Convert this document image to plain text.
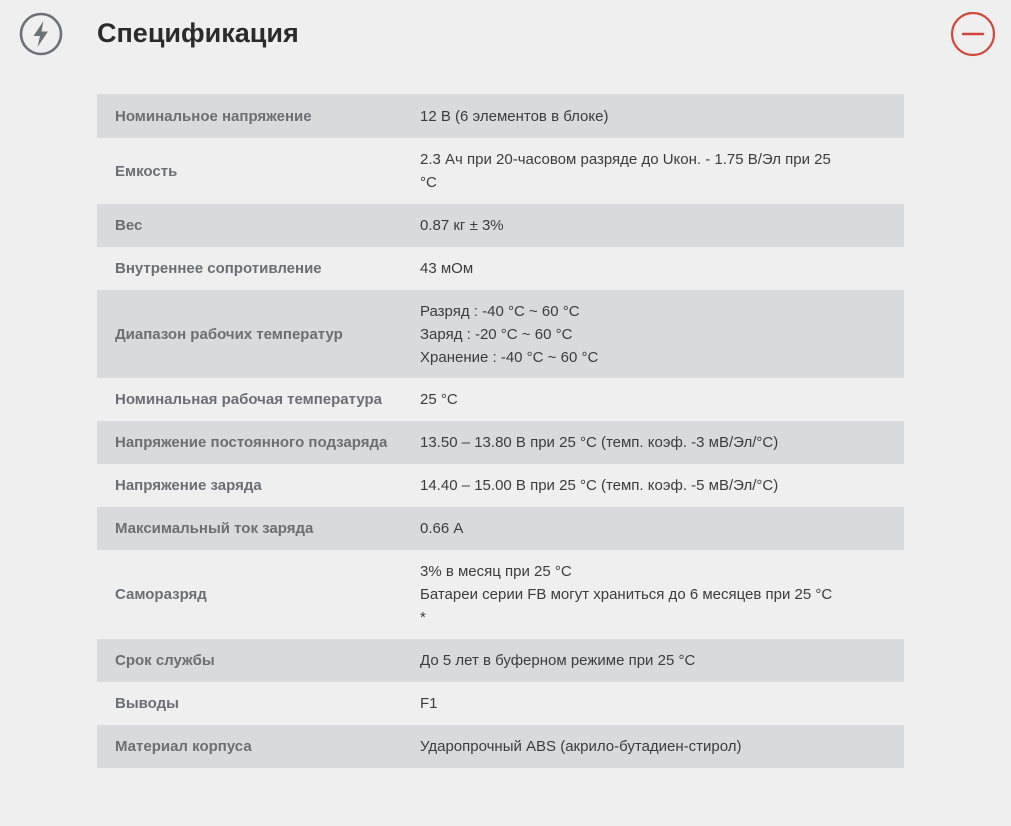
Спецификация
Номинальное напряжение	12 В (6 элементов в блоке)

Емкость	2.3 Ач при 20-часовом разряде до Uкон. - 1.75 В/Эл при 25
°C

Вес	0.87 кг ± 3%

Внутреннее сопротивление	43 мОм

Диапазон рабочих температур	Разряд : -40 °C ~ 60 °C
Заряд : -20 °C ~ 60 °C
Хранение : -40 °C ~ 60 °C

Номинальная рабочая температура	25 °C

Напряжение постоянного подзаряда	13.50 – 13.80 В при 25 °C (темп. коэф. -3 мВ/Эл/°C)

Напряжение заряда	14.40 – 15.00 В при 25 °C (темп. коэф. -5 мВ/Эл/°C)

Максимальный ток заряда	0.66 А

Саморазряд	3% в месяц при 25 °C
Батареи серии FB могут храниться до 6 месяцев при 25 °C
*

Срок службы	До 5 лет в буферном режиме при 25 °C

Выводы	F1

Материал корпуса	Ударопрочный ABS (акрило-бутадиен-стирол)
